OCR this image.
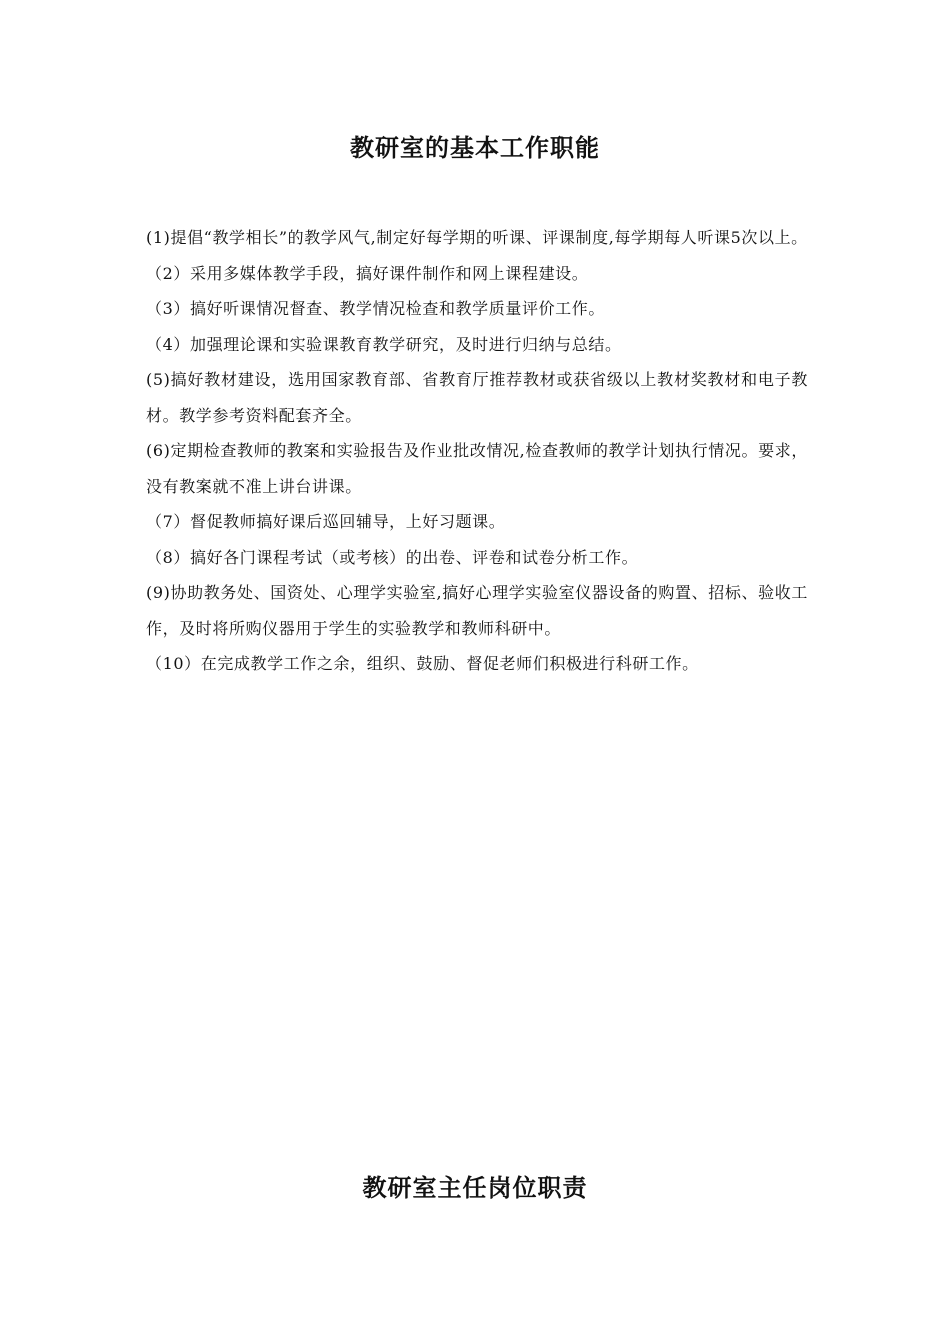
教研室的基本工作职能
(1)提倡“教学相长”的教学风气,制定好每学期的听课、评课制度,每学期每人听课5次以上。
（2）采用多媒体教学手段，搞好课件制作和网上课程建设。
（3）搞好听课情况督查、教学情况检查和教学质量评价工作。
（4）加强理论课和实验课教育教学研究，及时进行归纳与总结。
(5)搞好教材建设，选用国家教育部、省教育厅推荐教材或获省级以上教材奖教材和电子教材。教学参考资料配套齐全。
(6)定期检查教师的教案和实验报告及作业批改情况,检查教师的教学计划执行情况。要求，没有教案就不准上讲台讲课。
（7）督促教师搞好课后巡回辅导，上好习题课。
（8）搞好各门课程考试（或考核）的出卷、评卷和试卷分析工作。
(9)协助教务处、国资处、心理学实验室,搞好心理学实验室仪器设备的购置、招标、验收工作，及时将所购仪器用于学生的实验教学和教师科研中。
（10）在完成教学工作之余，组织、鼓励、督促老师们积极进行科研工作。
教研室主任岗位职责
